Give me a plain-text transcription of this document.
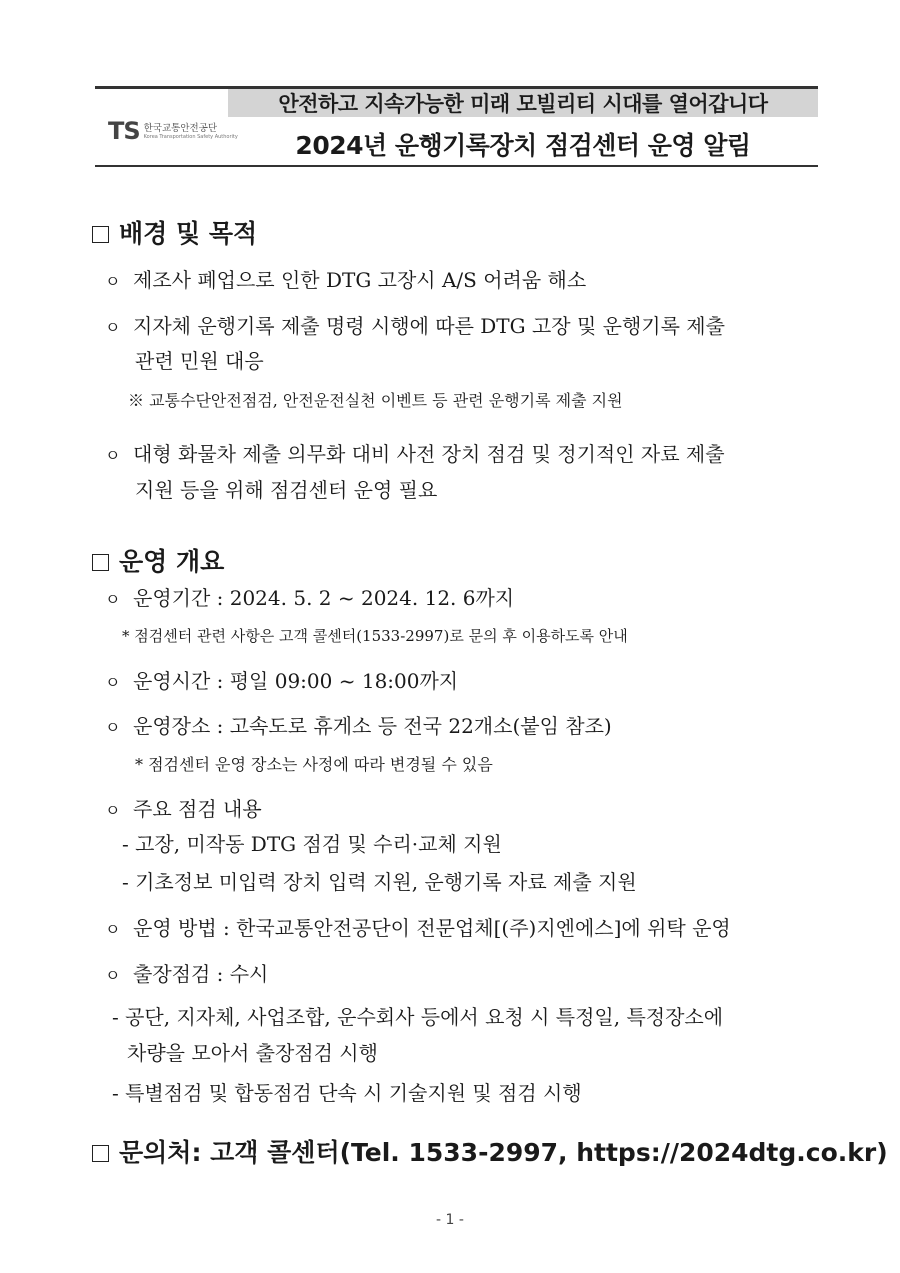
안전하고 지속가능한 미래 모빌리티 시대를 열어갑니다
TS 한국교통안전공단
Korea Transportation Safety Authority	2024년 운행기록장치 점검센터 운영 알림
배경 및 목적
ㅇ 제조사 폐업으로 인한 DTG 고장시 A/S 어려움 해소
ㅇ 지자체 운행기록 제출 명령 시행에 따른 DTG 고장 및 운행기록 제출
관련 민원 대응
※ 교통수단안전점검, 안전운전실천 이벤트 등 관련 운행기록 제출 지원
ㅇ 대형 화물차 제출 의무화 대비 사전 장치 점검 및 정기적인 자료 제출
지원 등을 위해 점검센터 운영 필요
운영 개요
ㅇ 운영기간 : 2024. 5. 2 ~ 2024. 12. 6까지
* 점검센터 관련 사항은 고객 콜센터(1533-2997)로 문의 후 이용하도록 안내
ㅇ 운영시간 : 평일 09:00 ~ 18:00까지
ㅇ 운영장소 : 고속도로 휴게소 등 전국 22개소(붙임 참조)
* 점검센터 운영 장소는 사정에 따라 변경될 수 있음
ㅇ 주요 점검 내용
- 고장, 미작동 DTG 점검 및 수리·교체 지원
- 기초정보 미입력 장치 입력 지원, 운행기록 자료 제출 지원
ㅇ 운영 방법 : 한국교통안전공단이 전문업체[(주)지엔에스]에 위탁 운영
ㅇ 출장점검 : 수시
- 공단, 지자체, 사업조합, 운수회사 등에서 요청 시 특정일, 특정장소에
차량을 모아서 출장점검 시행
- 특별점검 및 합동점검 단속 시 기술지원 및 점검 시행
문의처: 고객 콜센터(Tel. 1533-2997, https://2024dtg.co.kr)
- 1 -
